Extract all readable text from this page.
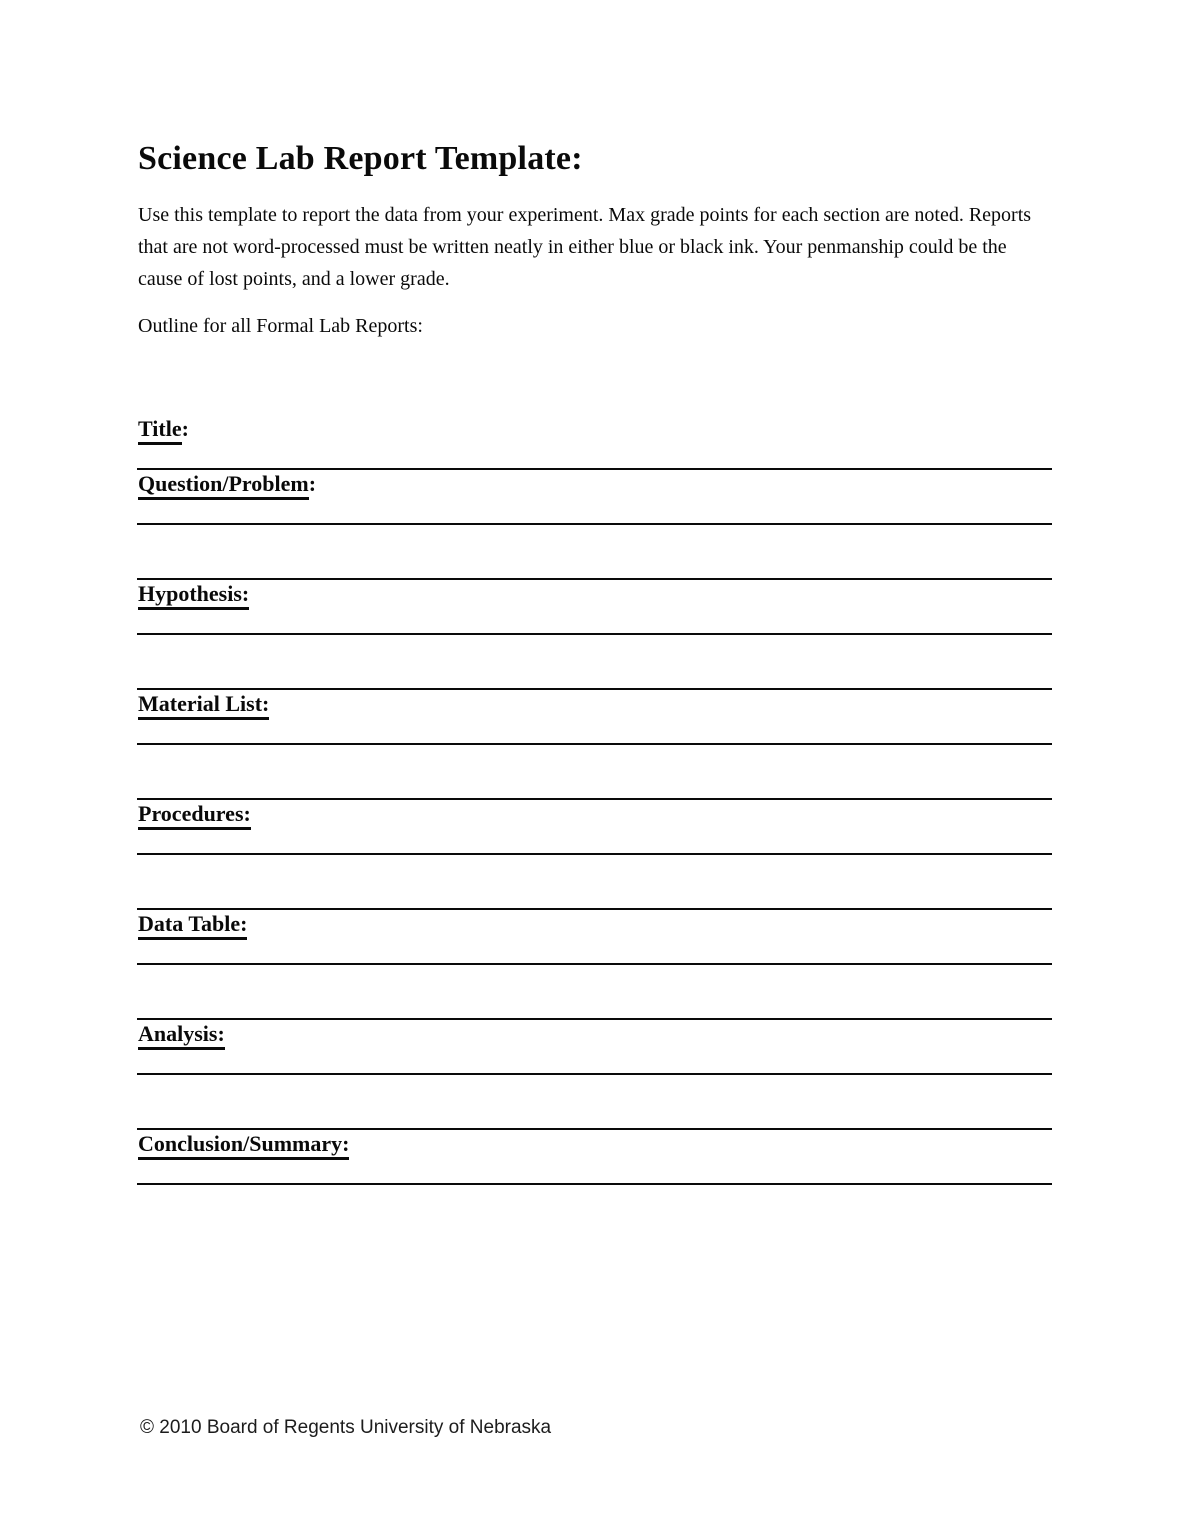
Science Lab Report Template:

Use this template to report the data from your experiment. Max grade points for each section are noted. Reports that are not word-processed must be written neatly in either blue or black ink. Your penmanship could be the cause of lost points, and a lower grade.

Outline for all Formal Lab Reports:

Title:
Question/Problem:
Hypothesis:
Material List:
Procedures:
Data Table:
Analysis:
Conclusion/Summary:

© 2010 Board of Regents University of Nebraska
